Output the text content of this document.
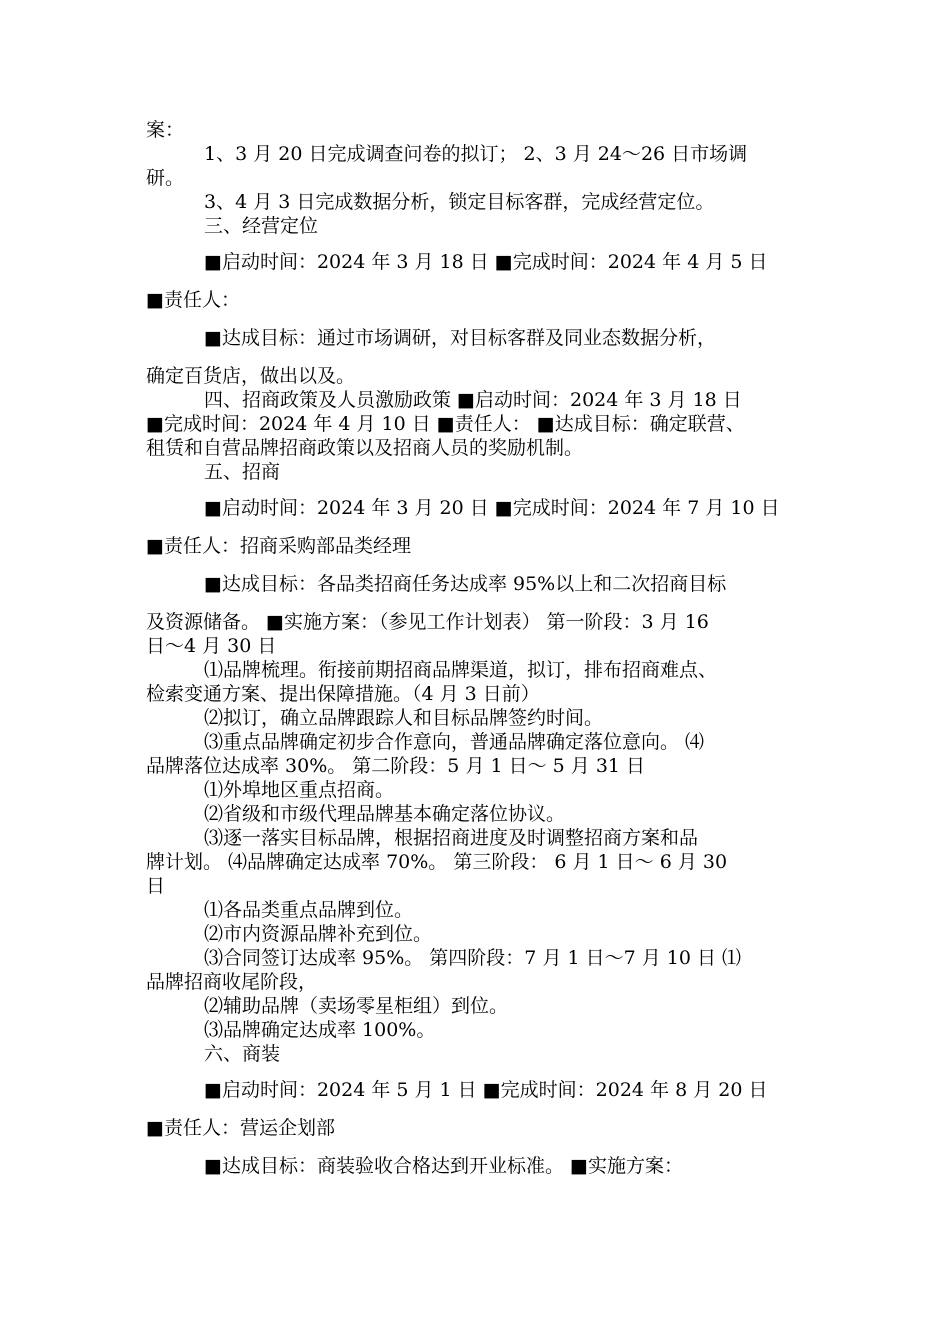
案：
1、3 月 20 日完成调查问卷的拟订； 2、3 月 24～26 日市场调
研。
3、4 月 3 日完成数据分析，锁定目标客群，完成经营定位。
三、经营定位
■启动时间：2024 年 3 月 18 日 ■完成时间：2024 年 4 月 5 日
■责任人：
■达成目标：通过市场调研，对目标客群及同业态数据分析，
确定百货店，做出以及。
四、招商政策及人员激励政策 ■启动时间：2024 年 3 月 18 日
■完成时间：2024 年 4 月 10 日 ■责任人： ■达成目标：确定联营、
租赁和自营品牌招商政策以及招商人员的奖励机制。
五、招商
■启动时间：2024 年 3 月 20 日 ■完成时间：2024 年 7 月 10 日
■责任人：招商采购部品类经理
■达成目标：各品类招商任务达成率 95%以上和二次招商目标
及资源储备。 ■实施方案：（参见工作计划表） 第一阶段：3 月 16
日～4 月 30 日
⑴品牌梳理。衔接前期招商品牌渠道，拟订，排布招商难点、
检索变通方案、提出保障措施。（4 月 3 日前）
⑵拟订，确立品牌跟踪人和目标品牌签约时间。
⑶重点品牌确定初步合作意向，普通品牌确定落位意向。 ⑷
品牌落位达成率 30%。 第二阶段：5 月 1 日～ 5 月 31 日
⑴外埠地区重点招商。
⑵省级和市级代理品牌基本确定落位协议。
⑶逐一落实目标品牌，根据招商进度及时调整招商方案和品
牌计划。 ⑷品牌确定达成率 70%。 第三阶段： 6 月 1 日～ 6 月 30
日
⑴各品类重点品牌到位。
⑵市内资源品牌补充到位。
⑶合同签订达成率 95%。 第四阶段：7 月 1 日～7 月 10 日 ⑴
品牌招商收尾阶段，
⑵辅助品牌（卖场零星柜组）到位。
⑶品牌确定达成率 100%。
六、商装
■启动时间：2024 年 5 月 1 日 ■完成时间：2024 年 8 月 20 日
■责任人：营运企划部
■达成目标：商装验收合格达到开业标准。 ■实施方案：
